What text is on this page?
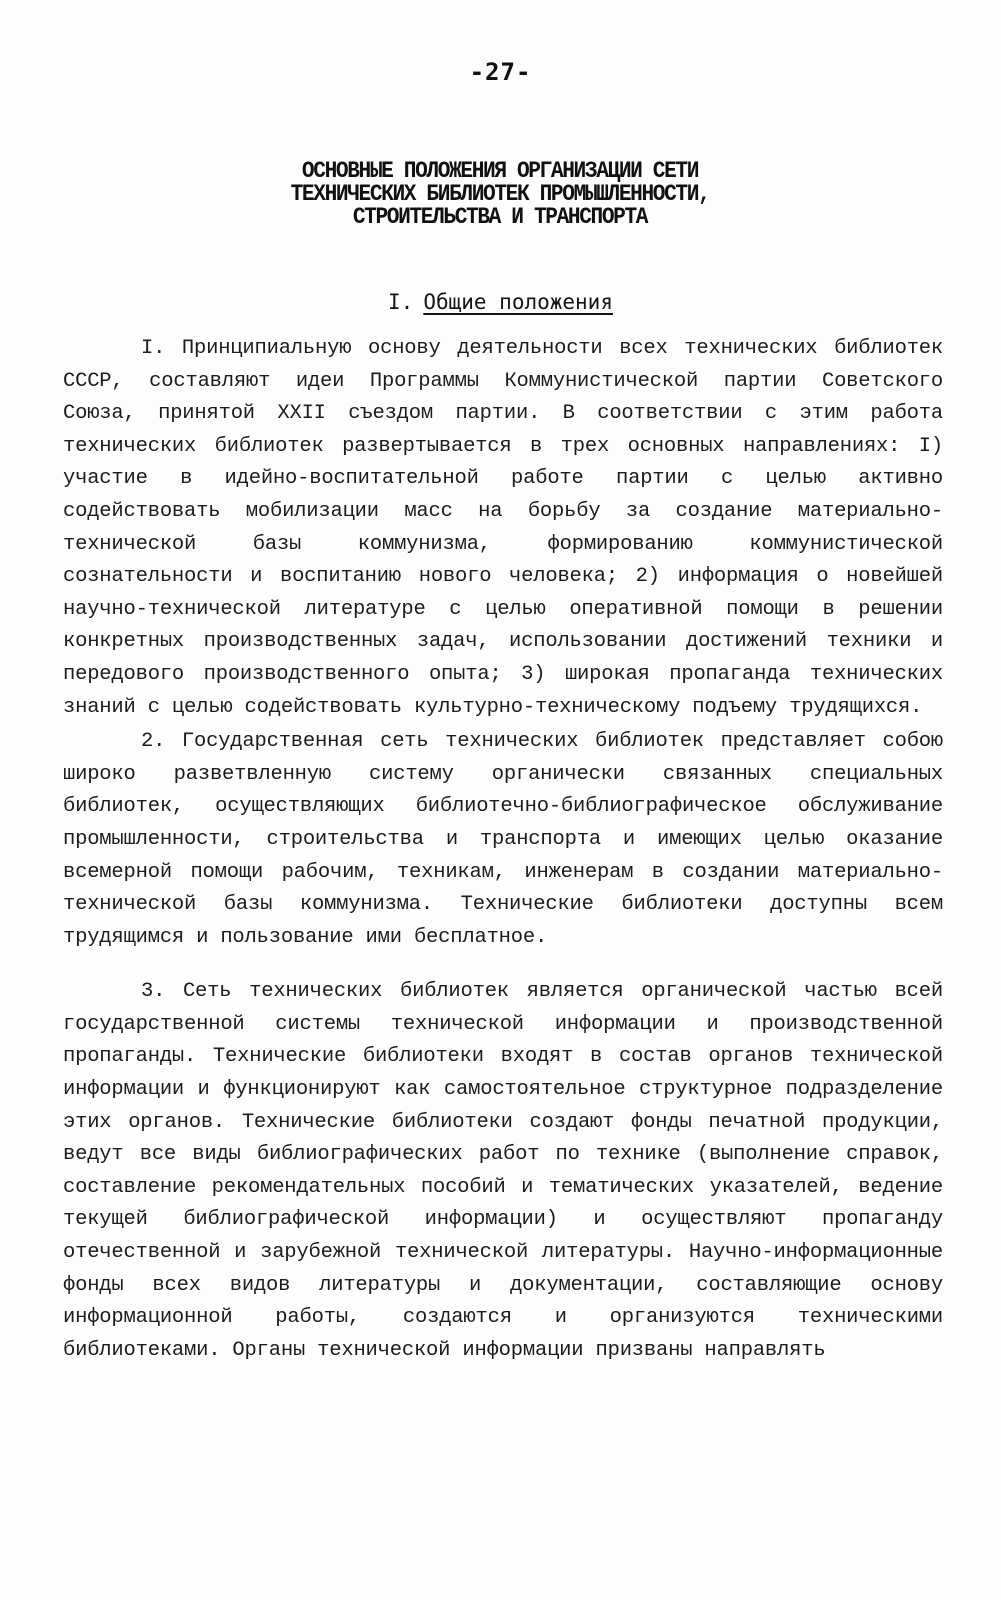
-27-
ОСНОВНЫЕ ПОЛОЖЕНИЯ ОРГАНИЗАЦИИ СЕТИ
ТЕХНИЧЕСКИХ БИБЛИОТЕК ПРОМЫШЛЕННОСТИ,
СТРОИТЕЛЬСТВА И ТРАНСПОРТА
I. Общие положения

I. Принципиальную основу деятельности всех технических библиотек СССР, составляют идеи Программы Коммунистической партии Советского Союза, принятой XXII съездом партии. В соответствии с этим работа технических библиотек развертывается в трех основных направлениях: I) участие в идейно-воспитательной работе партии с целью активно содействовать мобилизации масс на борьбу за создание материально-технической базы коммунизма, формированию коммунистической сознательности и воспитанию нового человека; 2) информация о новейшей научно-технической литературе с целью оперативной помощи в решении конкретных производственных задач, использовании достижений техники и передового производственного опыта; 3) широкая пропаганда технических знаний с целью содействовать культурно-техническому подъему трудящихся.

2. Государственная сеть технических библиотек представляет собою широко разветвленную систему органически связанных специальных библиотек, осуществляющих библиотечно-библиографическое обслуживание промышленности, строительства и транспорта и имеющих целью оказание всемерной помощи рабочим, техникам, инженерам в создании материально-технической базы коммунизма. Технические библиотеки доступны всем трудящимся и пользование ими бесплатное.

3. Сеть технических библиотек является органической частью всей государственной системы технической информации и производственной пропаганды. Технические библиотеки входят в состав органов технической информации и функционируют как самостоятельное структурное подразделение этих органов. Технические библиотеки создают фонды печатной продукции, ведут все виды библиографических работ по технике (выполнение справок, составление рекомендательных пособий и тематических указателей, ведение текущей библиографической информации) и осуществляют пропаганду отечественной и зарубежной технической литературы. Научно-информационные фонды всех видов литературы и документации, составляющие основу информационной работы, создаются и организуются техническими библиотеками. Органы технической информации призваны направлять
